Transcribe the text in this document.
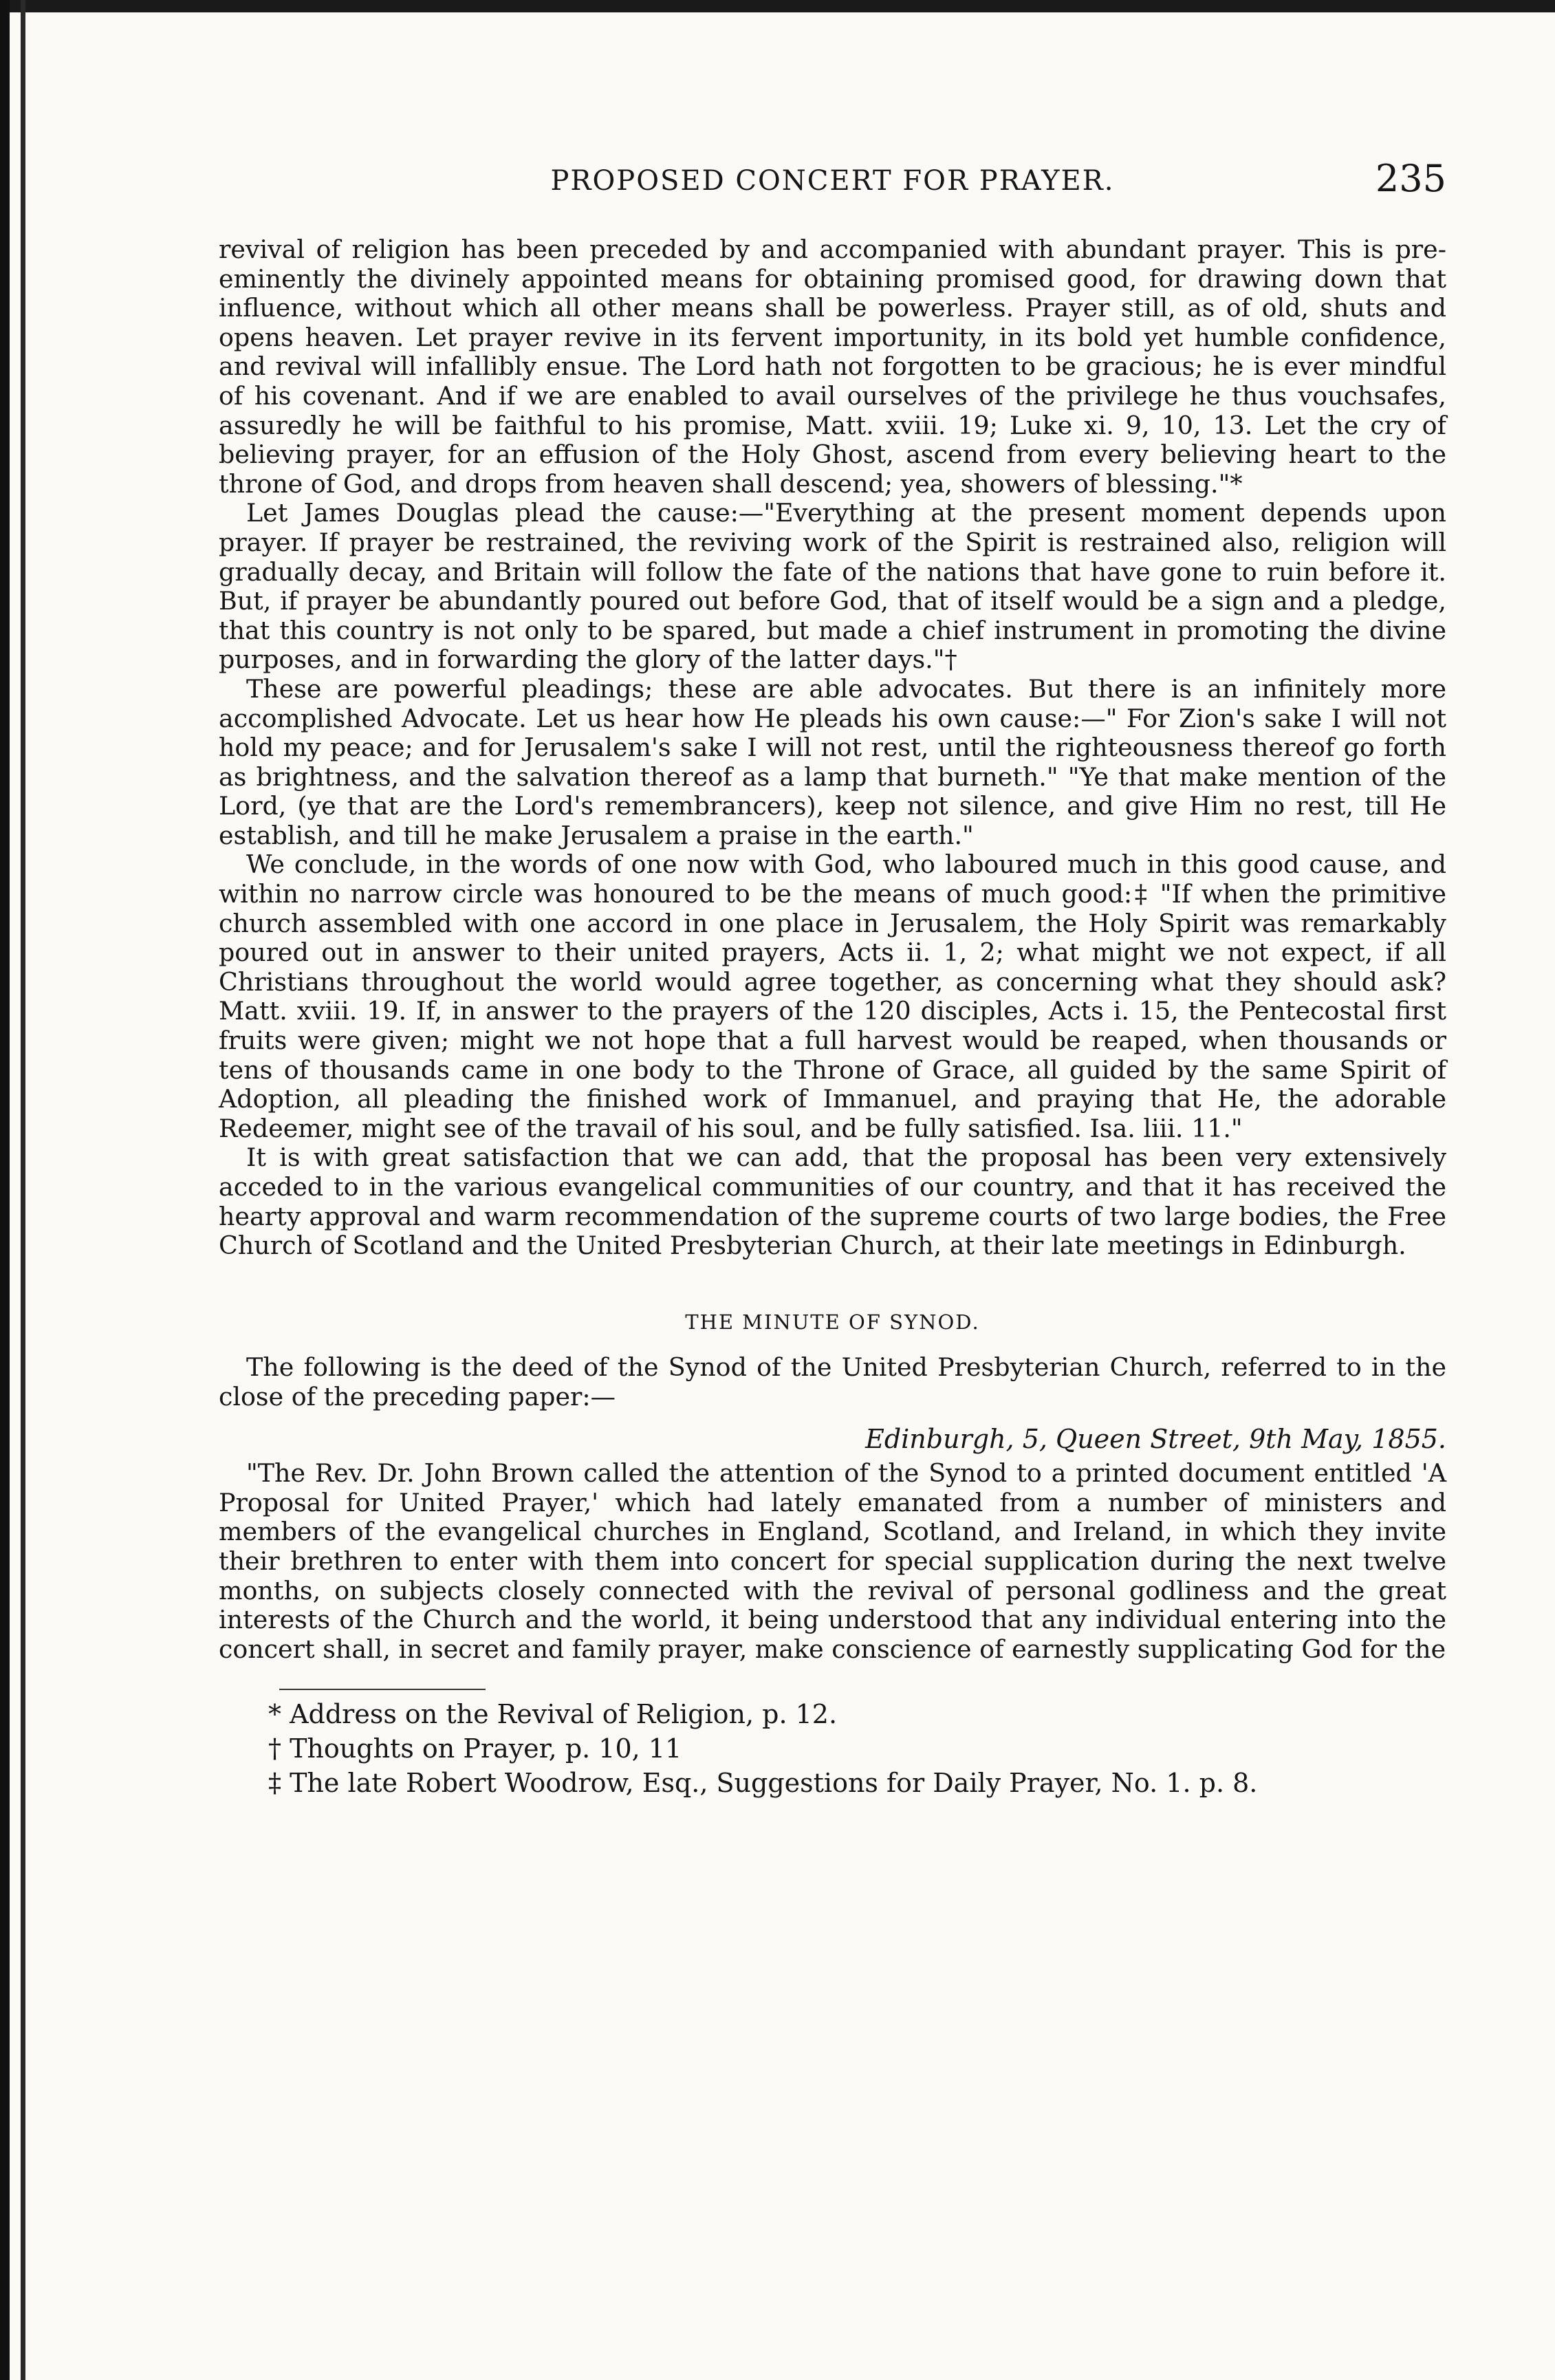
PROPOSED CONCERT FOR PRAYER.	235

revival of religion has been preceded by and accompanied with abundant prayer. This is pre-eminently the divinely appointed means for obtaining promised good, for drawing down that influence, without which all other means shall be powerless. Prayer still, as of old, shuts and opens heaven. Let prayer revive in its fervent importunity, in its bold yet humble confidence, and revival will infallibly ensue. The Lord hath not forgotten to be gracious; he is ever mindful of his covenant. And if we are enabled to avail ourselves of the privilege he thus vouchsafes, assuredly he will be faithful to his promise, Matt. xviii. 19; Luke xi. 9, 10, 13. Let the cry of believing prayer, for an effusion of the Holy Ghost, ascend from every believing heart to the throne of God, and drops from heaven shall descend; yea, showers of blessing."*

Let James Douglas plead the cause:—"Everything at the present moment depends upon prayer. If prayer be restrained, the reviving work of the Spirit is restrained also, religion will gradually decay, and Britain will follow the fate of the nations that have gone to ruin before it. But, if prayer be abundantly poured out before God, that of itself would be a sign and a pledge, that this country is not only to be spared, but made a chief instrument in promoting the divine purposes, and in forwarding the glory of the latter days."†

These are powerful pleadings; these are able advocates. But there is an infinitely more accomplished Advocate. Let us hear how He pleads his own cause:—" For Zion's sake I will not hold my peace; and for Jerusalem's sake I will not rest, until the righteousness thereof go forth as brightness, and the salvation thereof as a lamp that burneth." "Ye that make mention of the Lord, (ye that are the Lord's remembrancers), keep not silence, and give Him no rest, till He establish, and till he make Jerusalem a praise in the earth."

We conclude, in the words of one now with God, who laboured much in this good cause, and within no narrow circle was honoured to be the means of much good:‡ "If when the primitive church assembled with one accord in one place in Jerusalem, the Holy Spirit was remarkably poured out in answer to their united prayers, Acts ii. 1, 2; what might we not expect, if all Christians throughout the world would agree together, as concerning what they should ask? Matt. xviii. 19. If, in answer to the prayers of the 120 disciples, Acts i. 15, the Pentecostal first fruits were given; might we not hope that a full harvest would be reaped, when thousands or tens of thousands came in one body to the Throne of Grace, all guided by the same Spirit of Adoption, all pleading the finished work of Immanuel, and praying that He, the adorable Redeemer, might see of the travail of his soul, and be fully satisfied. Isa. liii. 11."

It is with great satisfaction that we can add, that the proposal has been very extensively acceded to in the various evangelical communities of our country, and that it has received the hearty approval and warm recommendation of the supreme courts of two large bodies, the Free Church of Scotland and the United Presbyterian Church, at their late meetings in Edinburgh.

THE MINUTE OF SYNOD.

The following is the deed of the Synod of the United Presbyterian Church, referred to in the close of the preceding paper:—

Edinburgh, 5, Queen Street, 9th May, 1855.

"The Rev. Dr. John Brown called the attention of the Synod to a printed document entitled 'A Proposal for United Prayer,' which had lately emanated from a number of ministers and members of the evangelical churches in England, Scotland, and Ireland, in which they invite their brethren to enter with them into concert for special supplication during the next twelve months, on subjects closely connected with the revival of personal godliness and the great interests of the Church and the world, it being understood that any individual entering into the concert shall, in secret and family prayer, make conscience of earnestly supplicating God for the

* Address on the Revival of Religion, p. 12.
† Thoughts on Prayer, p. 10, 11
‡ The late Robert Woodrow, Esq., Suggestions for Daily Prayer, No. 1. p. 8.
